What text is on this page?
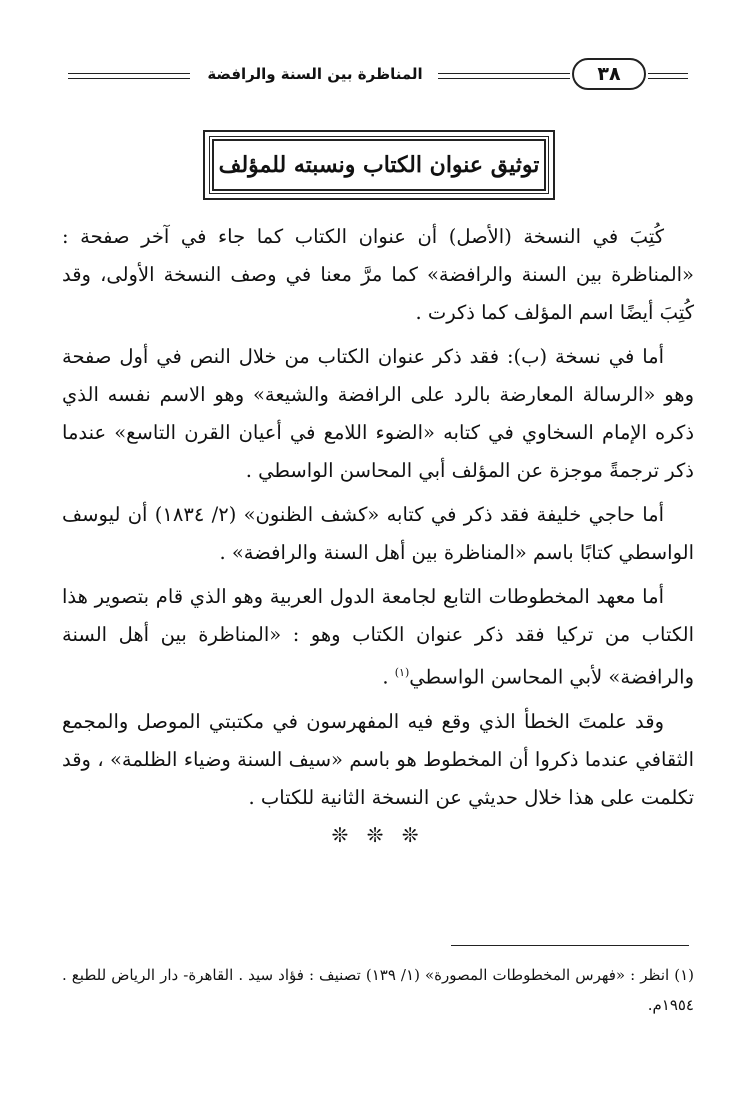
٣٨
المناظرة بين السنة والرافضة
توثيق عنوان الكتاب ونسبته للمؤلف

كُتِبَ في النسخة (الأصل) أن عنوان الكتاب كما جاء في آخر صفحة : «المناظرة بين السنة والرافضة» كما مرَّ معنا في وصف النسخة الأولى، وقد كُتِبَ أيضًا اسم المؤلف كما ذكرت .

أما في نسخة (ب): فقد ذكر عنوان الكتاب من خلال النص في أول صفحة وهو «الرسالة المعارضة بالرد على الرافضة والشيعة» وهو الاسم نفسه الذي ذكره الإمام السخاوي في كتابه «الضوء اللامع في أعيان القرن التاسع» عندما ذكر ترجمةً موجزة عن المؤلف أبي المحاسن الواسطي .

أما حاجي خليفة فقد ذكر في كتابه «كشف الظنون» (٢/ ١٨٣٤) أن ليوسف الواسطي كتابًا باسم «المناظرة بين أهل السنة والرافضة» .

أما معهد المخطوطات التابع لجامعة الدول العربية وهو الذي قام بتصوير هذا الكتاب من تركيا فقد ذكر عنوان الكتاب وهو : «المناظرة بين أهل السنة والرافضة» لأبي المحاسن الواسطي$^{(١)}$ .

وقد علمتَ الخطأ الذي وقع فيه المفهرسون في مكتبتي الموصل والمجمع الثقافي عندما ذكروا أن المخطوط هو باسم «سيف السنة وضياء الظلمة» ، وقد تكلمت على هذا خلال حديثي عن النسخة الثانية للكتاب .

❊ ❊ ❊
(١) انظر : «فهرس المخطوطات المصورة» (١/ ١٣٩) تصنيف : فؤاد سيد . القاهرة- دار الرياض للطبع . ١٩٥٤م.
